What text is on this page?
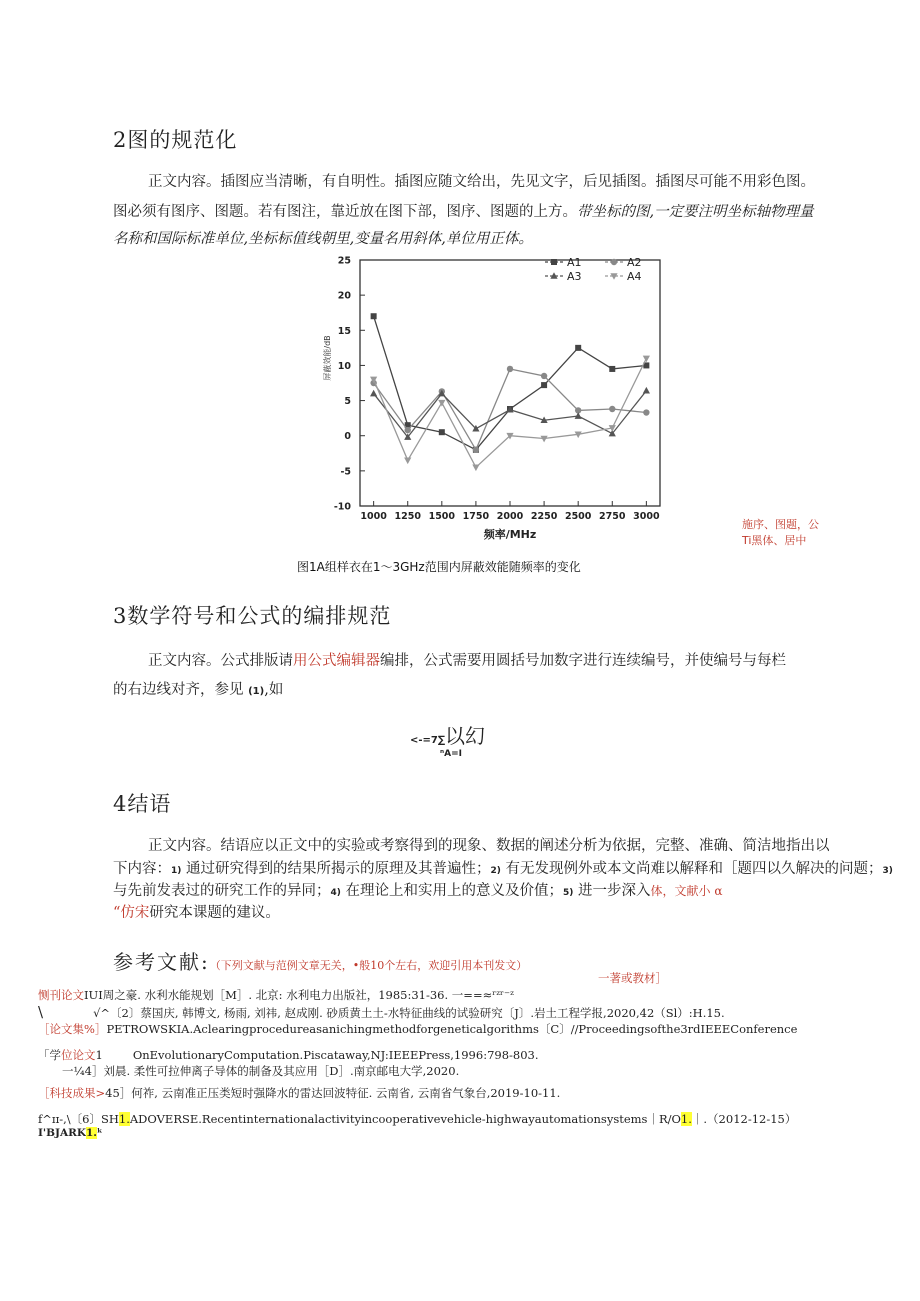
2图的规范化
正文内容。插图应当清晰，有自明性。插图应随文给出，先见文字，后见插图。插图尽可能不用彩色图。
图必须有图序、图题。若有图注，靠近放在图下部，图序、图题的上方。带坐标的图,一定要注明坐标轴物理量
名称和国际标准单位,坐标标值线朝里,变量名用斜体,单位用正体。
25
20
15
10
5
0
-5
-10
1000 1250 1500 1750 2000 2250 2500 2750 3000
频率/MHz
屏蔽效能/dB
A1	A2
A3	A4
施序、图题，公
Ti黑体、居中
图1A组样衣在1～3GHz范围内屏蔽效能随频率的变化
3数学符号和公式的编排规范
正文内容。公式排版请用公式编辑器编排，公式需要用圆括号加数字进行连续编号，并使编号与每栏
的右边线对齐，参见 (1),如
<-=7∑以幻
ⁿA=I
4结语
正文内容。结语应以正文中的实验或考察得到的现象、数据的阐述分析为依据，完整、准确、简洁地指出以
下内容：1) 通过研究得到的结果所揭示的原理及其普遍性；2) 有无发现例外或本文尚难以解释和［题四以久解决的问题；3)
与先前发表过的研究工作的异同；4) 在理论上和实用上的意义及价值；5) 进一步深入体，文献小 α
“仿宋研究本课题的建议。
参考文献:（下列文献与范例文章无关，•般10个左右，欢迎引用本刊发文）
一著或教材］
恻刊论文IUI周之豪. 水利水能规划［M］. 北京: 水利电力出版社，1985:31-36. 一==≈ʳᶻʳ⁻ᶻ
\	√^〔2〕蔡国庆, 韩博文, 杨雨, 刘祎, 赵成刚. 砂质黄土土-水特征曲线的试验研究〔J〕.岩土工程学报,2020,42（Sl）:H.15.
［论文集%］PETROWSKIA.Aclearingprocedureasanichingmethodforgeneticalgorithms〔C〕//Proceedingsofthe3rdIEEEConference
「学位论文1	OnEvolutionaryComputation.Piscataway,NJ:IEEEPress,1996:798-803.
一¼4］刘晨. 柔性可拉伸离子导体的制备及其应用［D］.南京邮电大学,2020.
［科技成果>45］何祚, 云南准正压类短时强降水的雷达回波特征. 云南省, 云南省气象台,2019-10-11.
f^ɪɪ-,\〔6〕SH1.ADOVERSE.Recentinternationalactivityincooperativevehicle-highwayautomationsystems｜R/O1.｜.（2012-12-15）
I'BJARK1.ᵏ
